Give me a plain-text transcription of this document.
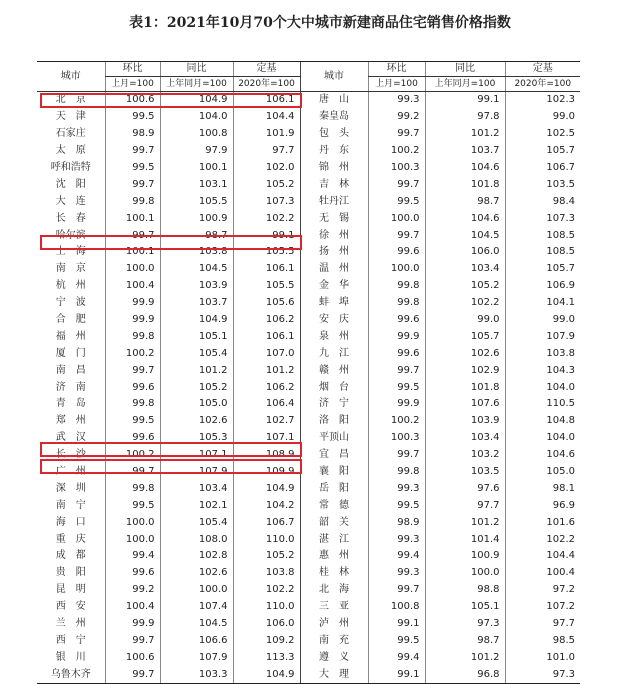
表1：2021年10月70个大中城市新建商品住宅销售价格指数
城市	环比	同比	定基	城市	环比	同比	定基
	上月=100	上年同月=100	2020年=100		上月=100	上年同月=100	2020年=100
北　京	100.6	104.9	106.1	唐　山	99.3	99.1	102.3
天　津	99.5	104.0	104.4	秦皇岛	99.2	97.8	99.0
石家庄	98.9	100.8	101.9	包　头	99.7	101.2	102.5
太　原	99.7	97.9	97.7	丹　东	100.2	103.7	105.7
呼和浩特	99.5	100.1	102.0	锦　州	100.3	104.6	106.7
沈　阳	99.7	103.1	105.2	吉　林	99.7	101.8	103.5
大　连	99.8	105.5	107.3	牡丹江	99.5	98.7	98.4
长　春	100.1	100.9	102.2	无　锡	100.0	104.6	107.3
哈尔滨	99.7	98.7	99.1	徐　州	99.7	104.5	108.5
上　海	100.1	103.8	105.5	扬　州	99.6	106.0	108.5
南　京	100.0	104.5	106.1	温　州	100.0	103.4	105.7
杭　州	100.4	103.9	105.5	金　华	99.8	105.2	106.9
宁　波	99.9	103.7	105.6	蚌　埠	99.8	102.2	104.1
合　肥	99.9	104.9	106.2	安　庆	99.6	99.0	99.0
福　州	99.8	105.1	106.1	泉　州	99.9	105.7	107.9
厦　门	100.2	105.4	107.0	九　江	99.6	102.6	103.8
南　昌	99.7	101.2	101.2	赣　州	99.7	102.9	104.3
济　南	99.6	105.2	106.2	烟　台	99.5	101.8	104.0
青　岛	99.8	105.0	106.4	济　宁	99.9	107.6	110.5
郑　州	99.5	102.6	102.7	洛　阳	100.2	103.9	104.8
武　汉	99.6	105.3	107.1	平顶山	100.3	103.4	104.0
长　沙	100.2	107.1	108.9	宜　昌	99.7	103.2	104.6
广　州	99.7	107.9	109.9	襄　阳	99.8	103.5	105.0
深　圳	99.8	103.4	104.9	岳　阳	99.3	97.6	98.1
南　宁	99.5	102.1	104.2	常　德	99.5	97.7	96.9
海　口	100.0	105.4	106.7	韶　关	98.9	101.2	101.6
重　庆	100.0	108.0	110.0	湛　江	99.3	101.4	102.2
成　都	99.4	102.8	105.2	惠　州	99.4	100.9	104.4
贵　阳	99.6	102.6	103.8	桂　林	99.3	100.0	100.4
昆　明	99.2	100.0	102.2	北　海	99.7	98.8	97.2
西　安	100.4	107.4	110.0	三　亚	100.8	105.1	107.2
兰　州	99.9	104.5	106.0	泸　州	99.1	97.3	97.7
西　宁	99.7	106.6	109.2	南　充	99.5	98.7	98.5
银　川	100.6	107.9	113.3	遵　义	99.4	101.2	101.0
乌鲁木齐	99.7	103.3	104.9	大　理	99.1	96.8	97.3
